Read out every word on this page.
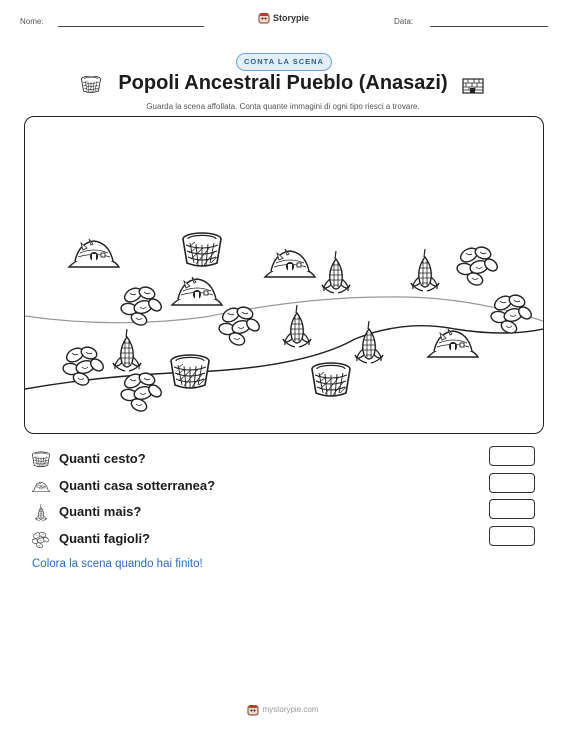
Nome:	Storypie	Data:
CONTA LA SCENA
Popoli Ancestrali Pueblo (Anasazi)
Guarda la scena affollata. Conta quante immagini di ogni tipo riesci a trovare.
Quanti cesto?
Quanti casa sotterranea?
Quanti mais?
Quanti fagioli?
Colora la scena quando hai finito!
mystorypie.com
